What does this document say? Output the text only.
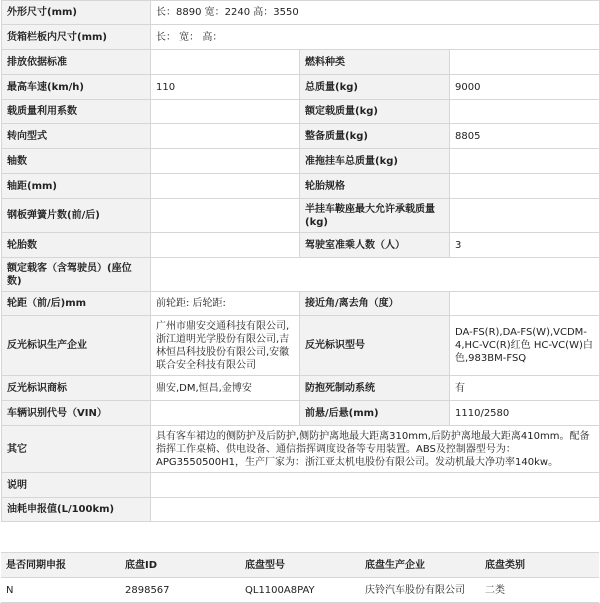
外形尺寸(mm)	长：8890 宽：2240 高：3550		
货箱栏板内尺寸(mm)	长： 宽： 高：		
排放依据标准		燃料种类	
最高车速(km/h)	110	总质量(kg)	9000
载质量利用系数		额定载质量(kg)	
转向型式		整备质量(kg)	8805
轴数		准拖挂车总质量(kg)	
轴距(mm)		轮胎规格	
钢板弹簧片数(前/后)		半挂车鞍座最大允许承载质量(kg)	
轮胎数		驾驶室准乘人数（人）	3
额定载客（含驾驶员）(座位数)			
轮距（前/后)mm	前轮距: 后轮距:	接近角/离去角（度）	
反光标识生产企业	广州市鼎安交通科技有限公司,浙江道明光学股份有限公司,吉林恒昌科技股份有限公司,安徽联合安全科技有限公司	反光标识型号	DA-FS(R),DA-FS(W),VCDM-4,HC-VC(R)红色 HC-VC(W)白色,983BM-FSQ
反光标识商标	鼎安,DM,恒昌,金博安	防抱死制动系统	有
车辆识别代号（VIN）		前悬/后悬(mm)	1110/2580
其它	具有客车裙边的侧防护及后防护,侧防护离地最大距离310mm,后防护离地最大距离410mm。配备指挥工作桌椅、供电设备、通信指挥调度设备等专用装置。ABS及控制器型号为：APG3550500H1，生产厂家为：浙江亚太机电股份有限公司。发动机最大净功率140kw。		
说明			
油耗申报值(L/100km)			
是否同期申报	底盘ID	底盘型号	底盘生产企业	底盘类别
N	2898567	QL1100A8PAY	庆铃汽车股份有限公司	二类
